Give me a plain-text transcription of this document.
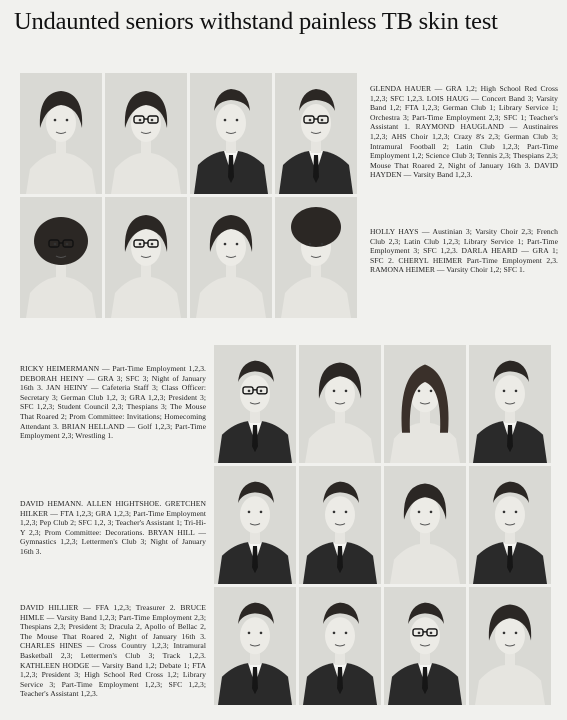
Undaunted seniors withstand painless TB skin test
GLENDA HAUER — GRA 1,2; High School Red Cross 1,2,3; SFC 1,2,3. LOIS HAUG — Concert Band 3; Varsity Band 1,2; FTA 1,2,3; German Club 1; Library Service 1; Orchestra 3; Part-Time Employment 2,3; SFC 1; Teacher's Assistant 1. RAYMOND HAUGLAND — Austinaires 1,2,3; AHS Choir 1,2,3; Crazy 8's 2,3; German Club 3; Intramural Football 2; Latin Club 1,2,3; Part-Time Employment 1,2; Science Club 3; Tennis 2,3; Thespians 2,3; Mouse That Roared 2, Night of January 16th 3. DAVID HAYDEN — Varsity Band 1,2,3.
HOLLY HAYS — Austinian 3; Varsity Choir 2,3; French Club 2,3; Latin Club 1,2,3; Library Service 1; Part-Time Employment 3; SFC 1,2,3. DARLA HEARD — GRA 1; SFC 2. CHERYL HEIMER Part-Time Employment 2,3. RAMONA HEIMER — Varsity Choir 1,2; SFC 1.
RICKY HEIMERMANN — Part-Time Employment 1,2,3. DEBORAH HEINY — GRA 3; SFC 3; Night of January 16th 3. JAN HEINY — Cafeteria Staff 3; Class Officer: Secretary 3; German Club 1,2, 3; GRA 1,2,3; President 3; SFC 1,2,3; Student Council 2,3; Thespians 3; The Mouse That Roared 2; Prom Committee: Invitations; Homecoming Attendant 3. BRIAN HELLAND — Golf 1,2,3; Part-Time Employment 2,3; Wrestling 1.
DAVID HEMANN. ALLEN HIGHTSHOE. GRETCHEN HILKER — FTA 1,2,3; GRA 1,2,3; Part-Time Employment 1,2,3; Pep Club 2; SFC 1,2, 3; Teacher's Assistant 1; Tri-Hi-Y 2,3; Prom Committee: Decorations. BRYAN HILL — Gymnastics 1,2,3; Lettermen's Club 3; Night of January 16th 3.
DAVID HILLIER — FFA 1,2,3; Treasurer 2. BRUCE HIMLE — Varsity Band 1,2,3; Part-Time Employment 2,3; Thespians 2,3; President 3; Dracula 2, Apollo of Bellac 2, The Mouse That Roared 2, Night of January 16th 3. CHARLES HINES — Cross Country 1,2,3; Intramural Basketball 2,3; Lettermen's Club 3; Track 1,2,3. KATHLEEN HODGE — Varsity Band 1,2; Debate 1; FTA 1,2,3; President 3; High School Red Cross 1,2; Library Service 3; Part-Time Employment 1,2,3; SFC 1,2,3; Teacher's Assistant 1,2,3.
